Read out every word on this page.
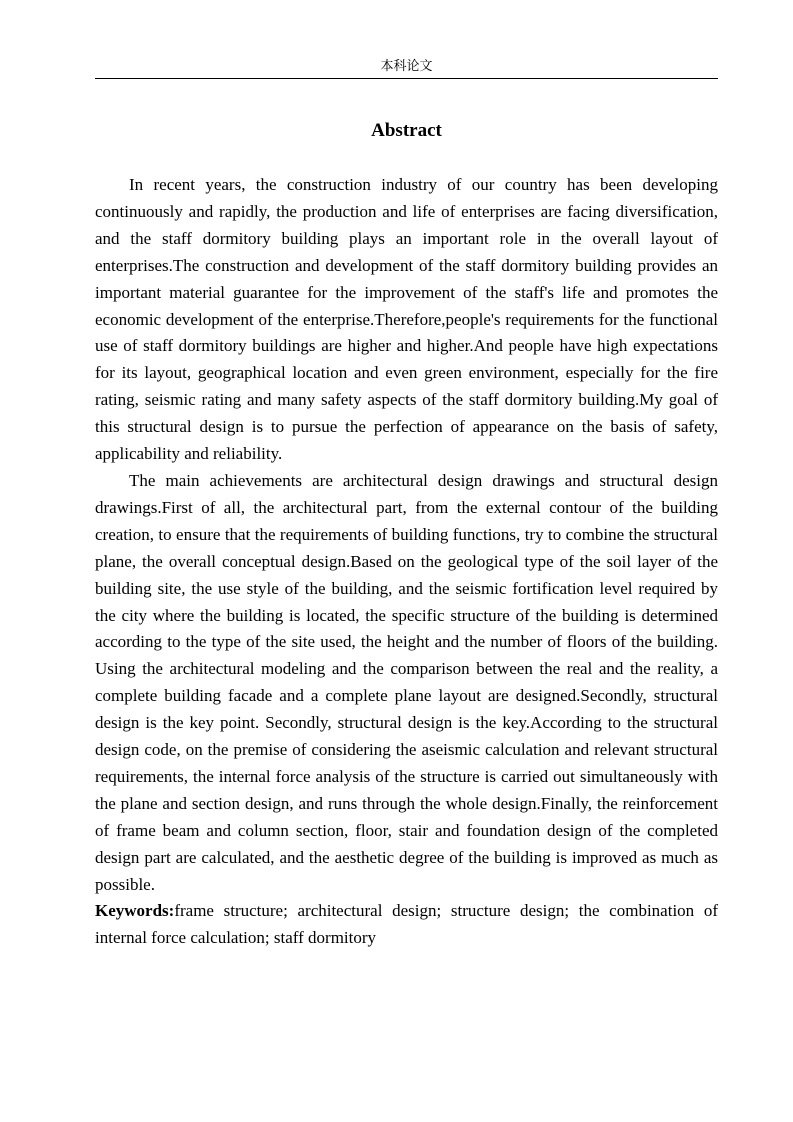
本科论文
Abstract

In recent years, the construction industry of our country has been developing continuously and rapidly, the production and life of enterprises are facing diversification, and the staff dormitory building plays an important role in the overall layout of enterprises.The construction and development of the staff dormitory building provides an important material guarantee for the improvement of the staff's life and promotes the economic development of the enterprise.Therefore,people's requirements for the functional use of staff dormitory buildings are higher and higher.And people have high expectations for its layout, geographical location and even green environment, especially for the fire rating, seismic rating and many safety aspects of the staff dormitory building.My goal of this structural design is to pursue the perfection of appearance on the basis of safety, applicability and reliability.

The main achievements are architectural design drawings and structural design drawings.First of all, the architectural part, from the external contour of the building creation, to ensure that the requirements of building functions, try to combine the structural plane, the overall conceptual design.Based on the geological type of the soil layer of the building site, the use style of the building, and the seismic fortification level required by the city where the building is located, the specific structure of the building is determined according to the type of the site used, the height and the number of floors of the building. Using the architectural modeling and the comparison between the real and the reality, a complete building facade and a complete plane layout are designed.Secondly, structural design is the key point. Secondly, structural design is the key.According to the structural design code, on the premise of considering the aseismic calculation and relevant structural requirements, the internal force analysis of the structure is carried out simultaneously with the plane and section design, and runs through the whole design.Finally, the reinforcement of frame beam and column section, floor, stair and foundation design of the completed design part are calculated, and the aesthetic degree of the building is improved as much as possible.

Keywords:frame structure; architectural design; structure design; the combination of internal force calculation; staff dormitory
